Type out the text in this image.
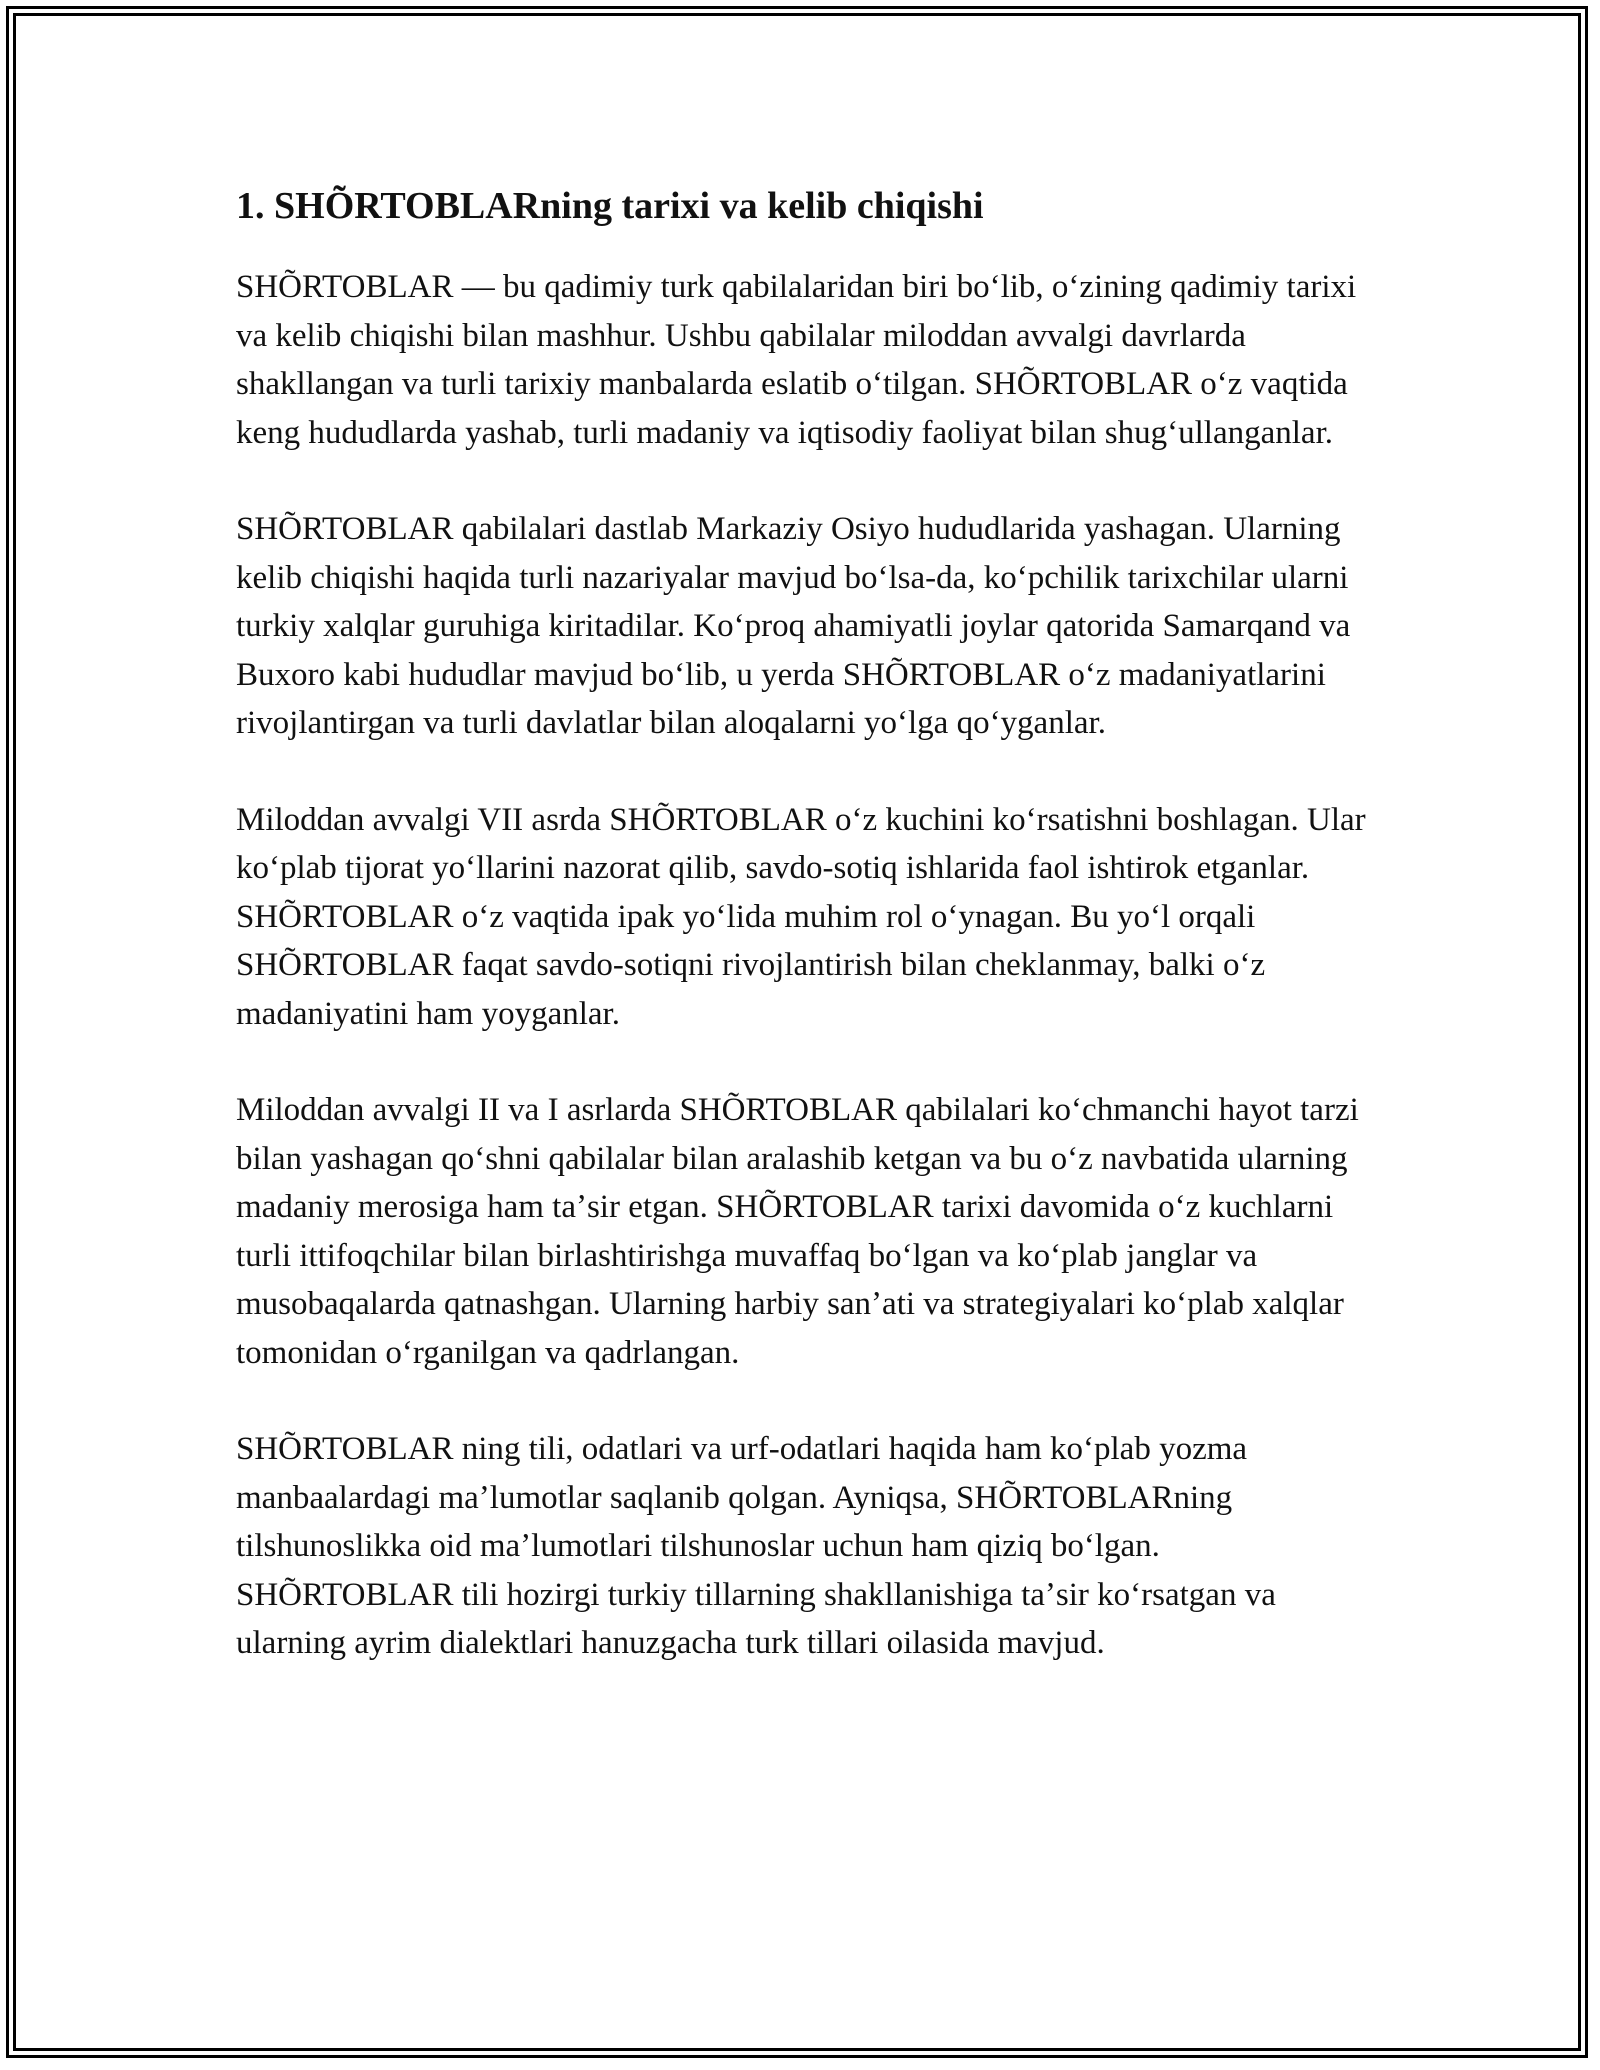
1. SHÕRTOBLARning tarixi va kelib chiqishi

SHÕRTOBLAR — bu qadimiy turk qabilalaridan biri boʻlib, oʻzining qadimiy tarixi va kelib chiqishi bilan mashhur. Ushbu qabilalar miloddan avvalgi davrlarda shakllangan va turli tarixiy manbalarda eslatib oʻtilgan. SHÕRTOBLAR oʻz vaqtida keng hududlarda yashab, turli madaniy va iqtisodiy faoliyat bilan shugʻullanganlar.

SHÕRTOBLAR qabilalari dastlab Markaziy Osiyo hududlarida yashagan. Ularning kelib chiqishi haqida turli nazariyalar mavjud boʻlsa-da, koʻpchilik tarixchilar ularni turkiy xalqlar guruhiga kiritadilar. Koʻproq ahamiyatli joylar qatorida Samarqand va Buxoro kabi hududlar mavjud boʻlib, u yerda SHÕRTOBLAR oʻz madaniyatlarini rivojlantirgan va turli davlatlar bilan aloqalarni yoʻlga qoʻyganlar.

Miloddan avvalgi VII asrda SHÕRTOBLAR oʻz kuchini koʻrsatishni boshlagan. Ular koʻplab tijorat yoʻllarini nazorat qilib, savdo-sotiq ishlarida faol ishtirok etganlar. SHÕRTOBLAR oʻz vaqtida ipak yoʻlida muhim rol oʻynagan. Bu yoʻl orqali SHÕRTOBLAR faqat savdo-sotiqni rivojlantirish bilan cheklanmay, balki oʻz madaniyatini ham yoyganlar.

Miloddan avvalgi II va I asrlarda SHÕRTOBLAR qabilalari koʻchmanchi hayot tarzi bilan yashagan qoʻshni qabilalar bilan aralashib ketgan va bu oʻz navbatida ularning madaniy merosiga ham taʼsir etgan. SHÕRTOBLAR tarixi davomida oʻz kuchlarni turli ittifoqchilar bilan birlashtirishga muvaffaq boʻlgan va koʻplab janglar va musobaqalarda qatnashgan. Ularning harbiy sanʼati va strategiyalari koʻplab xalqlar tomonidan oʻrganilgan va qadrlangan.

SHÕRTOBLAR ning tili, odatlari va urf-odatlari haqida ham koʻplab yozma manbaalardagi maʼlumotlar saqlanib qolgan. Ayniqsa, SHÕRTOBLARning tilshunoslikka oid maʼlumotlari tilshunoslar uchun ham qiziq boʻlgan. SHÕRTOBLAR tili hozirgi turkiy tillarning shakllanishiga taʼsir koʻrsatgan va ularning ayrim dialektlari hanuzgacha turk tillari oilasida mavjud.
